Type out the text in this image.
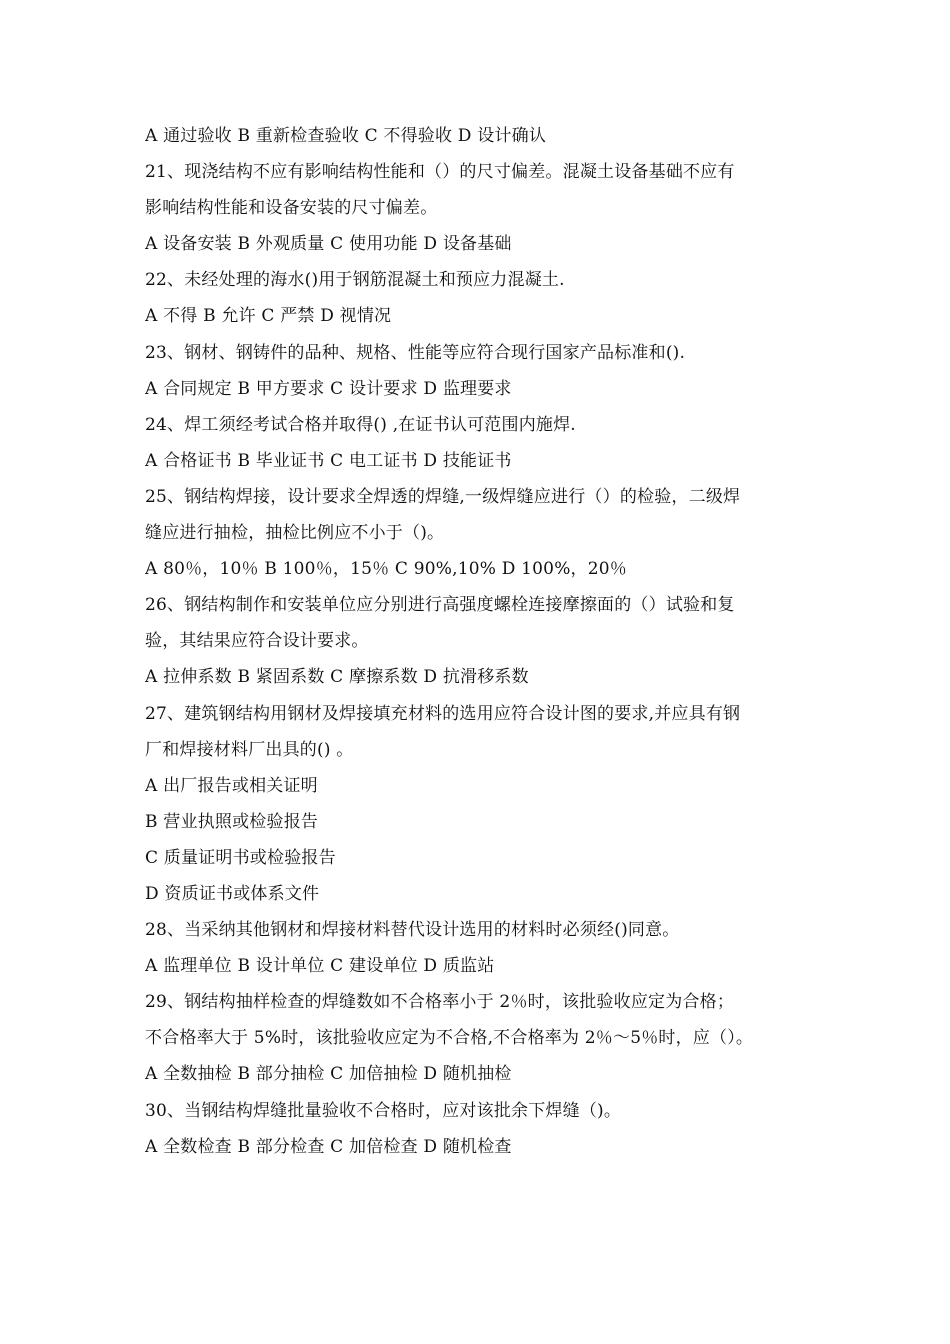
A 通过验收 B 重新检查验收 C 不得验收 D 设计确认
21、现浇结构不应有影响结构性能和（）的尺寸偏差。混凝土设备基础不应有
影响结构性能和设备安装的尺寸偏差。
A 设备安装 B 外观质量 C 使用功能 D 设备基础
22、未经处理的海水()用于钢筋混凝土和预应力混凝土.
A 不得 B 允许 C 严禁 D 视情况
23、钢材、钢铸件的品种、规格、性能等应符合现行国家产品标准和().
A 合同规定 B 甲方要求 C 设计要求 D 监理要求
24、焊工须经考试合格并取得() ,在证书认可范围内施焊.
A 合格证书 B 毕业证书 C 电工证书 D 技能证书
25、钢结构焊接，设计要求全焊透的焊缝,一级焊缝应进行（）的检验，二级焊
缝应进行抽检，抽检比例应不小于（)。
A 80％，10％ B 100％，15％ C 90%,10% D 100%，20％
26、钢结构制作和安装单位应分别进行高强度螺栓连接摩擦面的（）试验和复
验，其结果应符合设计要求。
A 拉伸系数 B 紧固系数 C 摩擦系数 D 抗滑移系数
27、建筑钢结构用钢材及焊接填充材料的选用应符合设计图的要求,并应具有钢
厂和焊接材料厂出具的() 。
A 出厂报告或相关证明
B 营业执照或检验报告
C 质量证明书或检验报告
D 资质证书或体系文件
28、当采纳其他钢材和焊接材料替代设计选用的材料时必须经()同意。
A 监理单位 B 设计单位 C 建设单位 D 质监站
29、钢结构抽样检查的焊缝数如不合格率小于 2％时，该批验收应定为合格；
不合格率大于 5%时，该批验收应定为不合格,不合格率为 2％～5％时，应（）。
A 全数抽检 B 部分抽检 C 加倍抽检 D 随机抽检
30、当钢结构焊缝批量验收不合格时，应对该批余下焊缝（)。
A 全数检查 B 部分检查 C 加倍检查 D 随机检查
